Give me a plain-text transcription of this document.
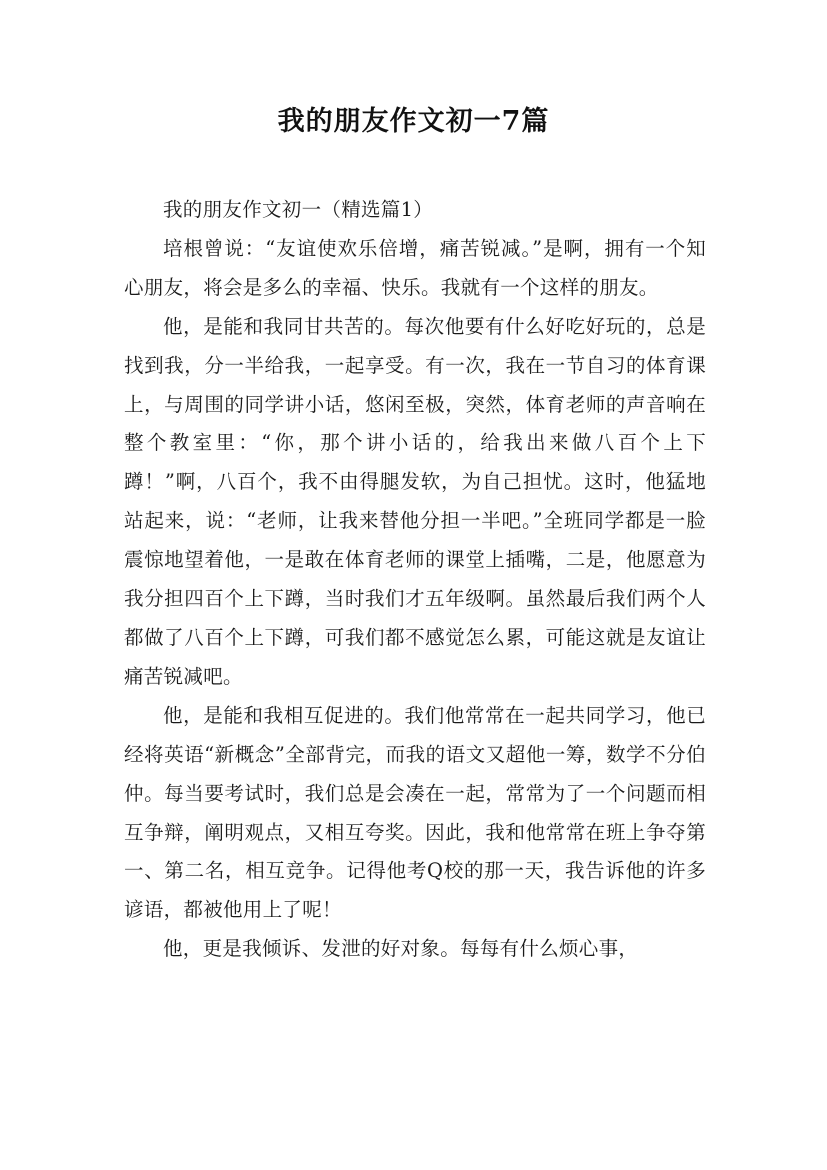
我的朋友作文初一7篇

我的朋友作文初一（精选篇1）

培根曾说：“友谊使欢乐倍增，痛苦锐减。”是啊，拥有一个知心朋友，将会是多么的幸福、快乐。我就有一个这样的朋友。

他，是能和我同甘共苦的。每次他要有什么好吃好玩的，总是找到我，分一半给我，一起享受。有一次，我在一节自习的体育课上，与周围的同学讲小话，悠闲至极，突然，体育老师的声音响在整个教室里：“你，那个讲小话的，给我出来做八百个上下蹲！”啊，八百个，我不由得腿发软，为自己担忧。这时，他猛地站起来，说：“老师，让我来替他分担一半吧。”全班同学都是一脸震惊地望着他，一是敢在体育老师的课堂上插嘴，二是，他愿意为我分担四百个上下蹲，当时我们才五年级啊。虽然最后我们两个人都做了八百个上下蹲，可我们都不感觉怎么累，可能这就是友谊让痛苦锐减吧。

他，是能和我相互促进的。我们他常常在一起共同学习，他已经将英语“新概念”全部背完，而我的语文又超他一筹，数学不分伯仲。每当要考试时，我们总是会凑在一起，常常为了一个问题而相互争辩，阐明观点，又相互夸奖。因此，我和他常常在班上争夺第一、第二名，相互竞争。记得他考Q校的那一天，我告诉他的许多谚语，都被他用上了呢！

他，更是我倾诉、发泄的好对象。每每有什么烦心事，
